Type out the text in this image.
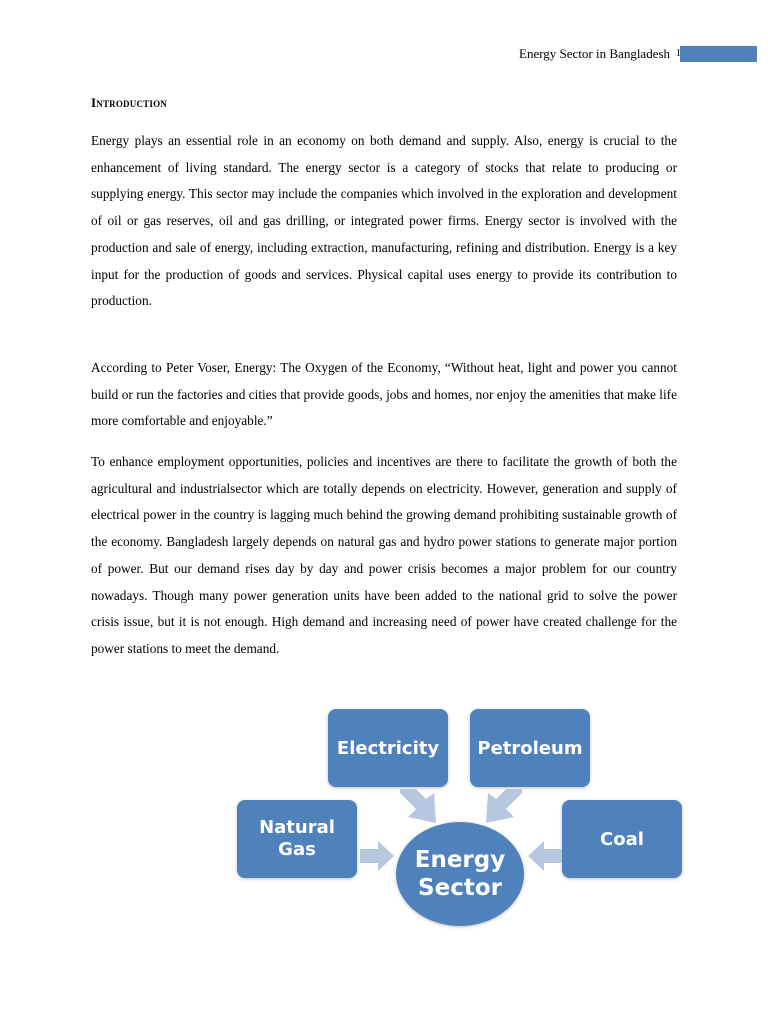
Energy Sector in Bangladesh 1
Introduction

Energy plays an essential role in an economy on both demand and supply. Also, energy is crucial to the enhancement of living standard. The energy sector is a category of stocks that relate to producing or supplying energy. This sector may include the companies which involved in the exploration and development of oil or gas reserves, oil and gas drilling, or integrated power firms. Energy sector is involved with the production and sale of energy, including extraction, manufacturing, refining and distribution. Energy is a key input for the production of goods and services. Physical capital uses energy to provide its contribution to production.

According to Peter Voser, Energy: The Oxygen of the Economy, “Without heat, light and power you cannot build or run the factories and cities that provide goods, jobs and homes, nor enjoy the amenities that make life more comfortable and enjoyable.”

To enhance employment opportunities, policies and incentives are there to facilitate the growth of both the agricultural and industrialsector which are totally depends on electricity. However, generation and supply of electrical power in the country is lagging much behind the growing demand prohibiting sustainable growth of the economy. Bangladesh largely depends on natural gas and hydro power stations to generate major portion of power. But our demand rises day by day and power crisis becomes a major problem for our country nowadays. Though many power generation units have been added to the national grid to solve the power crisis issue, but it is not enough. High demand and increasing need of power have created challenge for the power stations to meet the demand.

Electricity Petroleum
Natural Gas	Coal
Energy Sector
